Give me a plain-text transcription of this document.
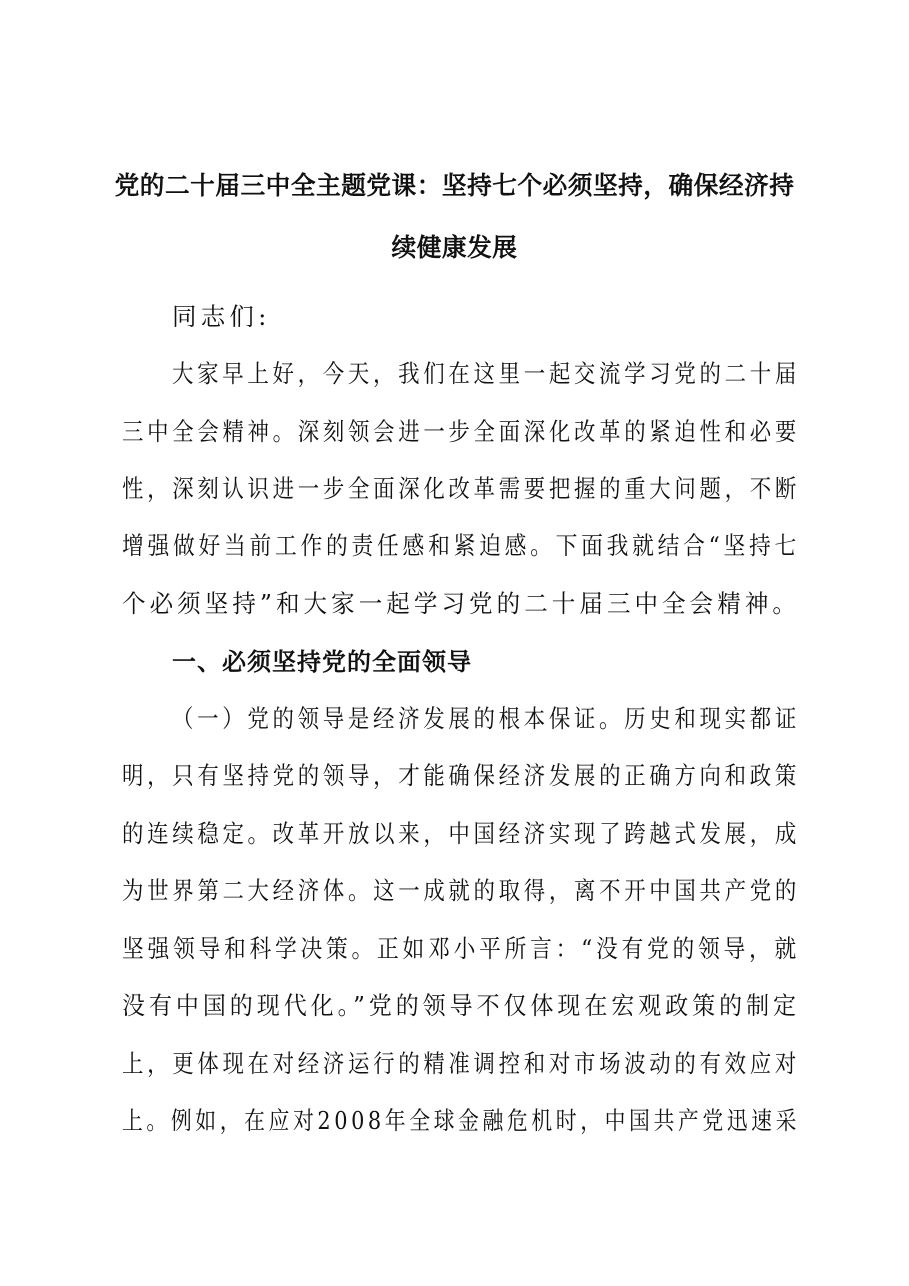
党的二十届三中全主题党课：坚持七个必须坚持，确保经济持
续健康发展
同志们:
大家早上好，今天，我们在这里一起交流学习党的二十届
三中全会精神。深刻领会进一步全面深化改革的紧迫性和必要
性，深刻认识进一步全面深化改革需要把握的重大问题，不断
增强做好当前工作的责任感和紧迫感。下面我就结合“坚持七
个必须坚持”和大家一起学习党的二十届三中全会精神。
一、必须坚持党的全面领导
（一）党的领导是经济发展的根本保证。历史和现实都证
明，只有坚持党的领导，才能确保经济发展的正确方向和政策
的连续稳定。改革开放以来，中国经济实现了跨越式发展，成
为世界第二大经济体。这一成就的取得，离不开中国共产党的
坚强领导和科学决策。正如邓小平所言：“没有党的领导，就
没有中国的现代化。”党的领导不仅体现在宏观政策的制定
上，更体现在对经济运行的精准调控和对市场波动的有效应对
上。例如，在应对2008年全球金融危机时，中国共产党迅速采
